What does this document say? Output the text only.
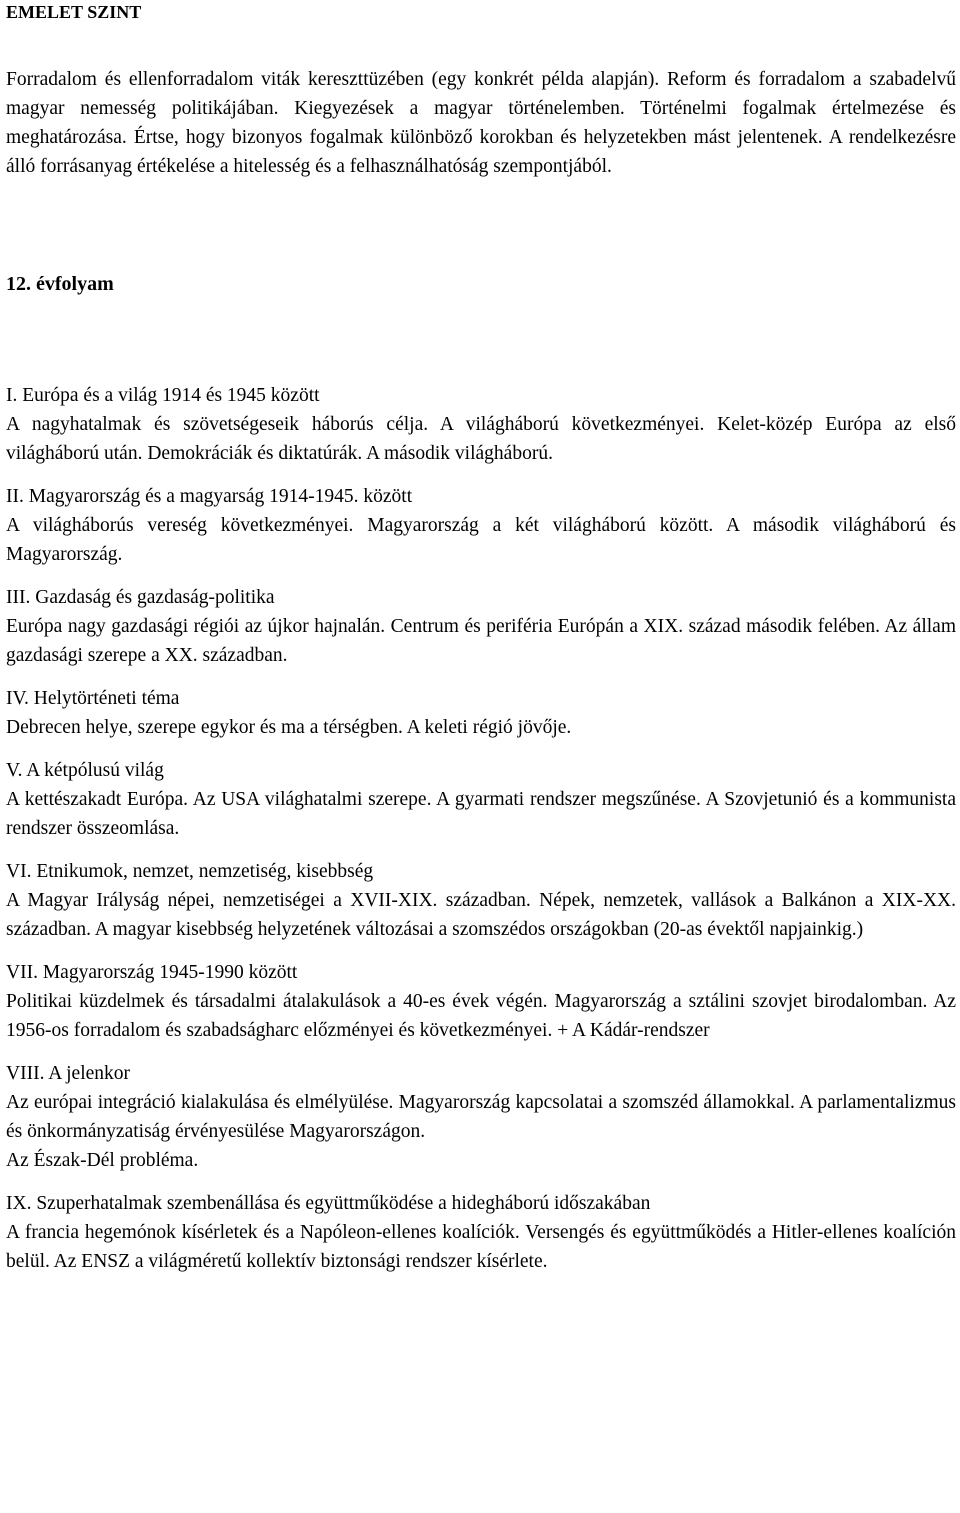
EMELET SZINT

Forradalom és ellenforradalom viták kereszttüzében (egy konkrét példa alapján). Reform és forradalom a szabadelvű magyar nemesség politikájában. Kiegyezések a magyar történelemben. Történelmi fogalmak értelmezése és meghatározása. Értse, hogy bizonyos fogalmak különböző korokban és helyzetekben mást jelentenek. A rendelkezésre álló forrásanyag értékelése a hitelesség és a felhasználhatóság szempontjából.

12. évfolyam

I. Európa és a világ 1914 és 1945 között

A nagyhatalmak és szövetségeseik háborús célja. A világháború következményei. Kelet-közép Európa az első világháború után. Demokráciák és diktatúrák. A második világháború.

II. Magyarország és a magyarság 1914-1945. között

A világháborús vereség következményei. Magyarország a két világháború között. A második világháború és Magyarország.

III. Gazdaság és gazdaság-politika

Európa nagy gazdasági régiói az újkor hajnalán. Centrum és periféria Európán a XIX. század második felében. Az állam gazdasági szerepe a XX. században.

IV. Helytörténeti téma

Debrecen helye, szerepe egykor és ma a térségben. A keleti régió jövője.

V. A kétpólusú világ

A kettészakadt Európa. Az USA világhatalmi szerepe. A gyarmati rendszer megszűnése. A Szovjetunió és a kommunista rendszer összeomlása.

VI. Etnikumok, nemzet, nemzetiség, kisebbség

A Magyar Irályság népei, nemzetiségei a XVII-XIX. században. Népek, nemzetek, vallások a Balkánon a XIX-XX. században. A magyar kisebbség helyzetének változásai a szomszédos országokban (20-as évektől napjainkig.)

VII. Magyarország 1945-1990 között

Politikai küzdelmek és társadalmi átalakulások a 40-es évek végén. Magyarország a sztálini szovjet birodalomban. Az 1956-os forradalom és szabadságharc előzményei és következményei. + A Kádár-rendszer

VIII. A jelenkor

Az európai integráció kialakulása és elmélyülése. Magyarország kapcsolatai a szomszéd államokkal. A parlamentalizmus és önkormányzatiság érvényesülése Magyarországon.

Az Észak-Dél probléma.

IX. Szuperhatalmak szembenállása és együttműködése a hidegháború időszakában

A francia hegemónok kísérletek és a Napóleon-ellenes koalíciók. Versengés és együttműködés a Hitler-ellenes koalíción belül. Az ENSZ a világméretű kollektív biztonsági rendszer kísérlete.
